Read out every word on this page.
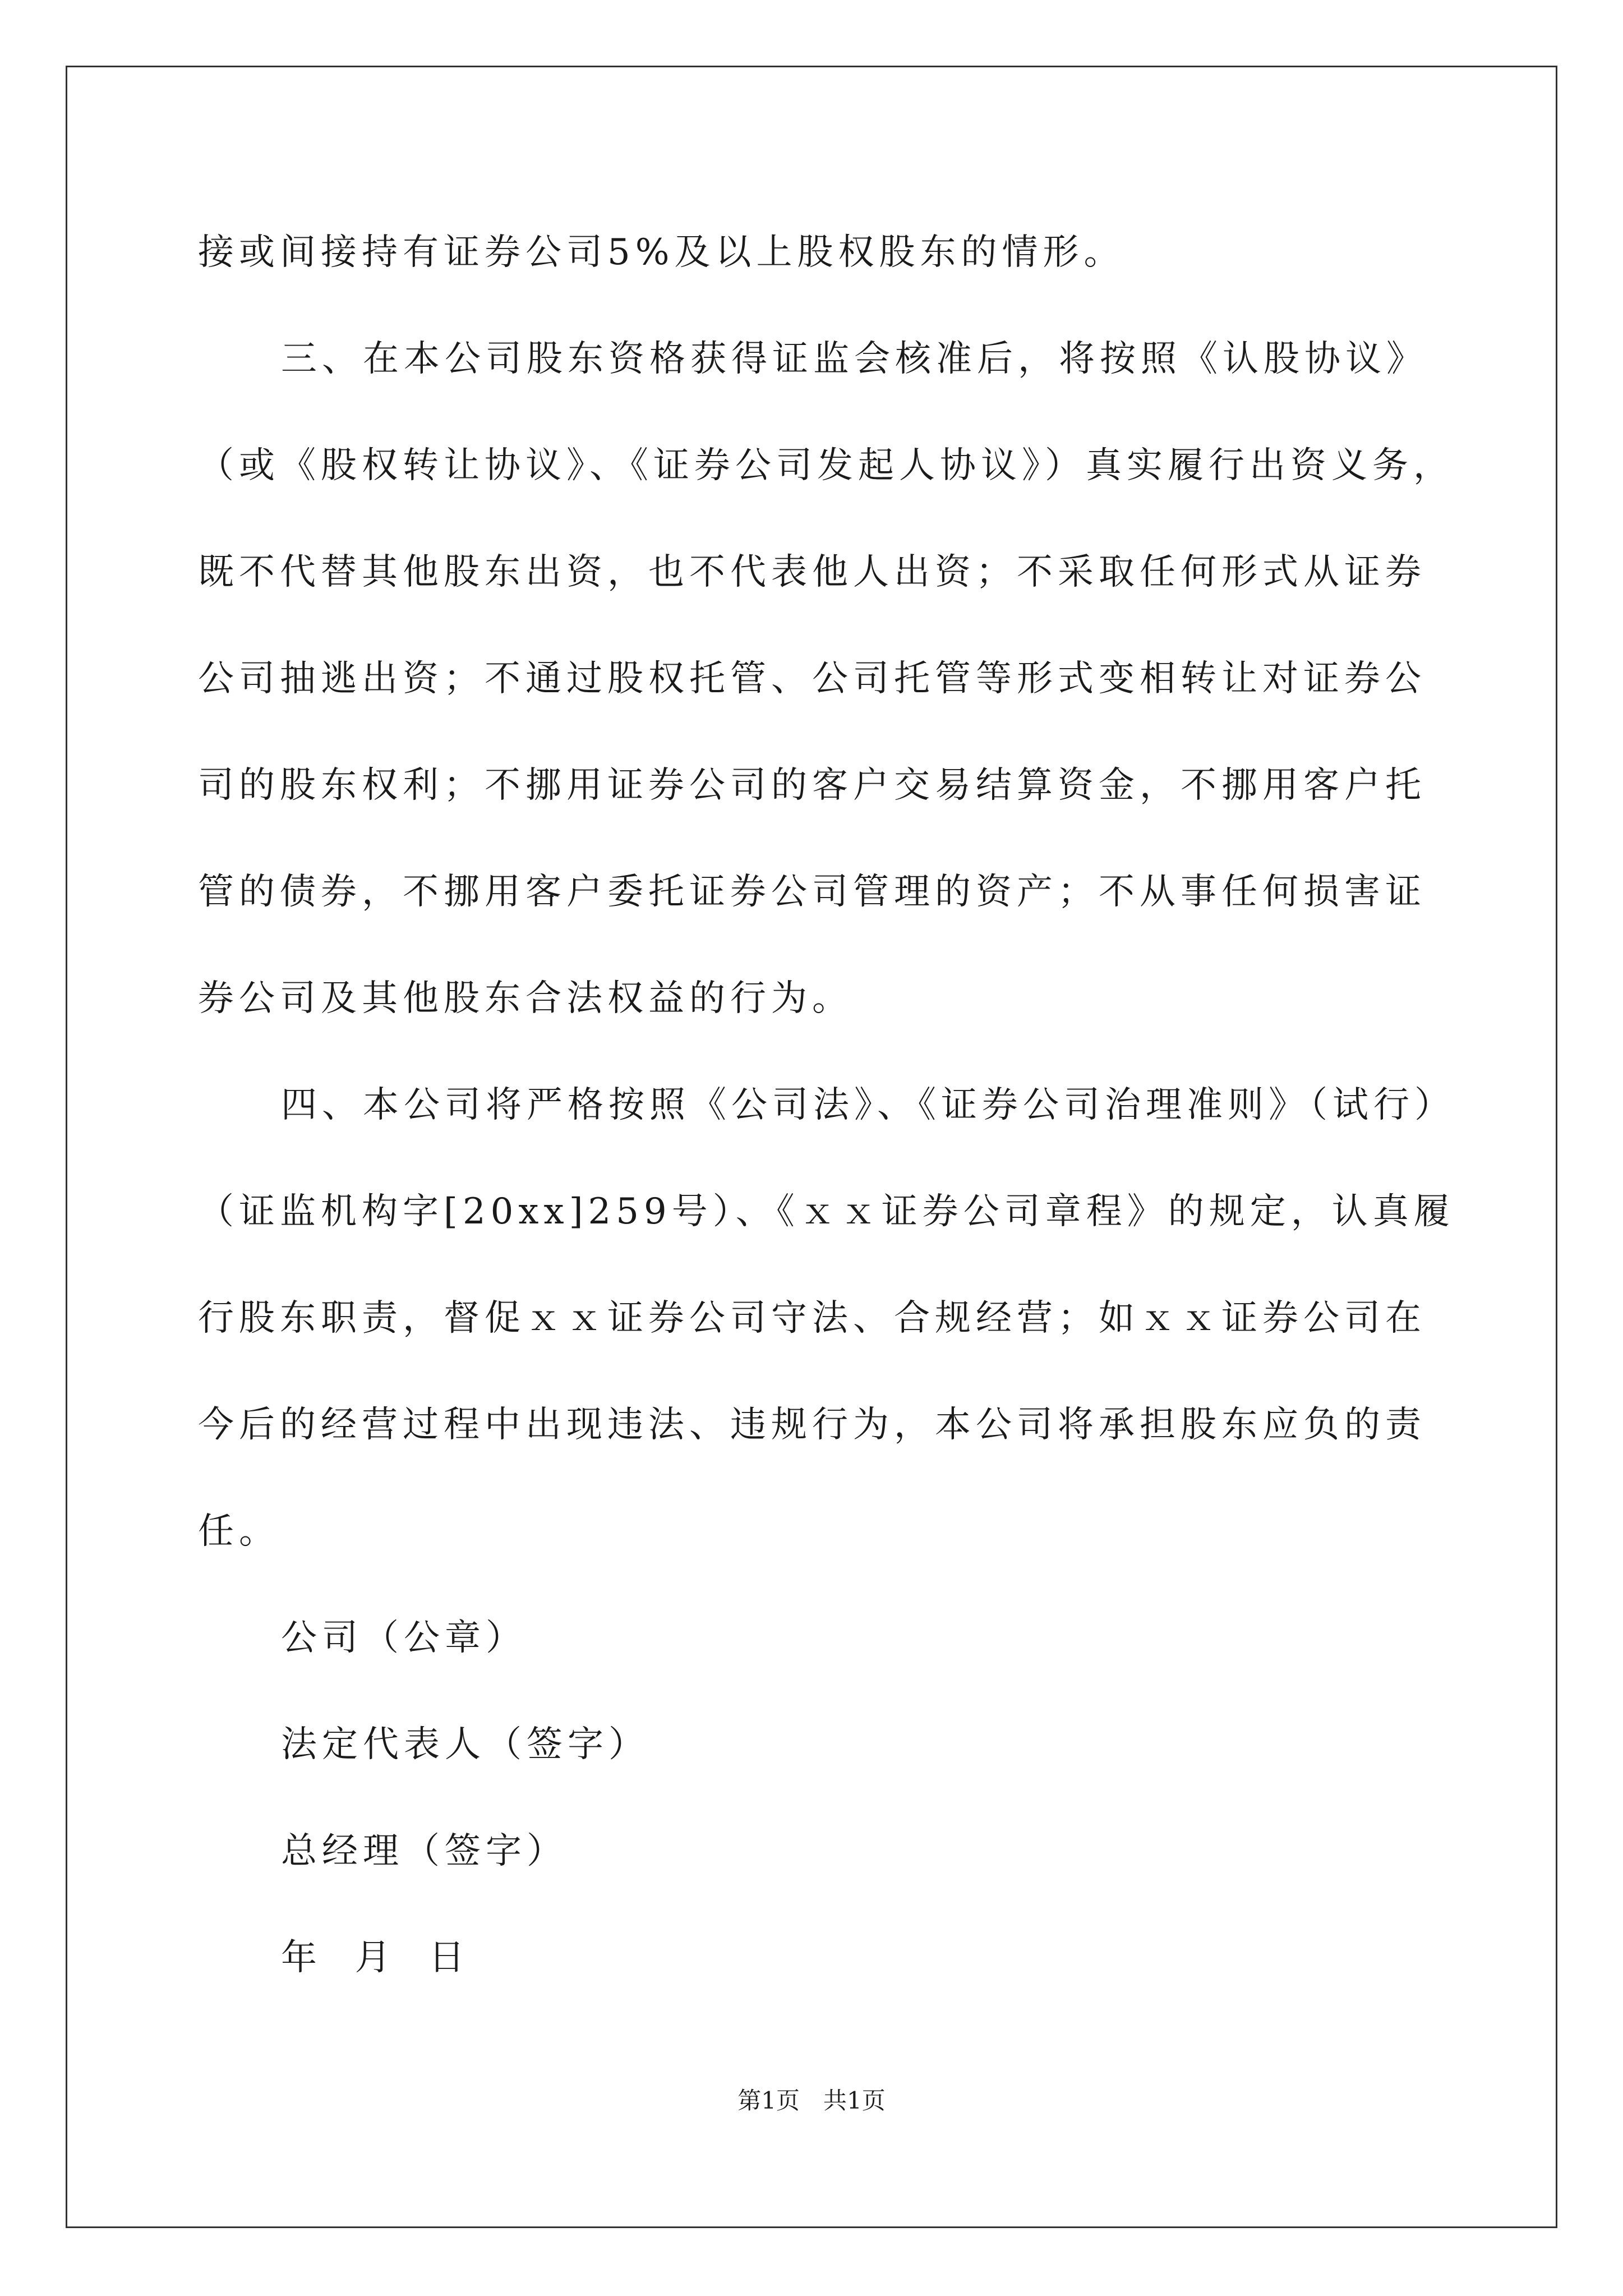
接或间接持有证券公司5%及以上股权股东的情形。
三、在本公司股东资格获得证监会核准后，将按照《认股协议》
（或《股权转让协议》、《证券公司发起人协议》）真实履行出资义务，
既不代替其他股东出资，也不代表他人出资；不采取任何形式从证券
公司抽逃出资；不通过股权托管、公司托管等形式变相转让对证券公
司的股东权利；不挪用证券公司的客户交易结算资金，不挪用客户托
管的债券，不挪用客户委托证券公司管理的资产；不从事任何损害证
券公司及其他股东合法权益的行为。
四、本公司将严格按照《公司法》、《证券公司治理准则》（试行）
（证监机构字[20xx]259号）、《ｘｘ证券公司章程》的规定，认真履
行股东职责，督促ｘｘ证券公司守法、合规经营；如ｘｘ证券公司在
今后的经营过程中出现违法、违规行为，本公司将承担股东应负的责
任。
公司（公章）
法定代表人（签字）
总经理（签字）
年  月  日
第1页　共1页
